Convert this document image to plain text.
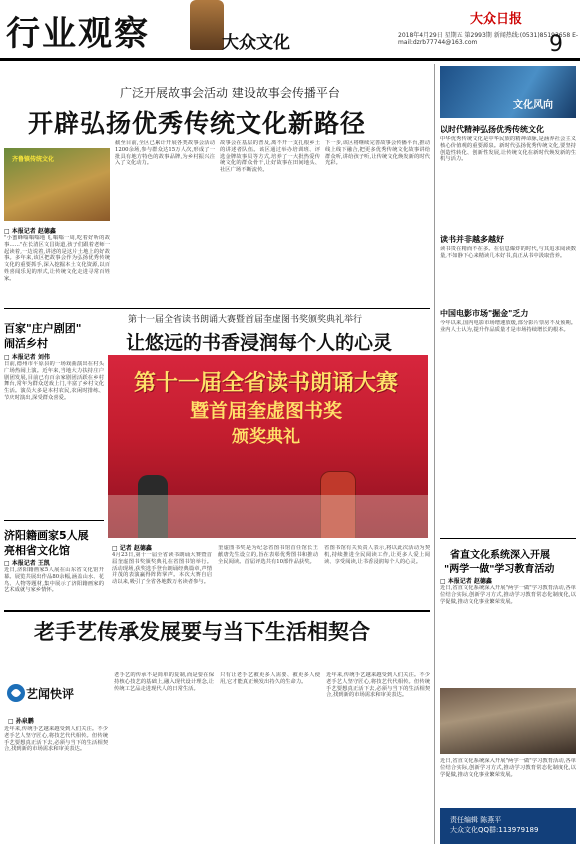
行业观察	大众文化
大众日报
2018年4月29日 星期五 第2993期 新闻热线:(0531)85193658 E-mail:dzrb77744@163.com	9
广泛开展故事会活动 建设故事会传播平台
开辟弘扬优秀传统文化新路径
齐鲁镇传统文化
□ 本报记者 赵德鑫
"小蜜蜂嗡嗡嗡地飞,嗡嗡一周,吃着好听的故事……"在长清区文昌街道,孩子们跟着老师一起读着,一边说着,讲述的是这片土地上的好故事。多年来,该区把故事会作为弘扬优秀传统文化的重要抓手,深入挖掘本土文化资源,以百姓喜闻乐见的形式,让传统文化走进寻常百姓家。
截至目前,全区已累计开展各类故事会活动1200余场,参与群众达15万人次,形成了一批具有地方特色的故事品牌,为乡村振兴注入了文化动力。
故事会在基层的普及,离不开一支扎根乡土的讲述者队伍。该区通过举办培训班、评选金牌故事员等方式,培养了一大批热爱传统文化的群众骨干,让好故事在田间地头、社区广场不断流传。
下一步,该区将继续完善故事会传播平台,推动线上线下融合,把更多优秀传统文化故事讲给群众听,讲给孩子听,让传统文化焕发新的时代光彩。
百家"庄户剧团"
闹活乡村
□ 本报记者 刘伟
日前,德州市平原县的一场戏曲演出在村头广场热闹上演。近年来,当地大力扶持庄户剧团发展,目前已有百余家剧团活跃在乡村舞台,常年为群众送戏上门,丰富了乡村文化生活。演员大多是本村农民,农闲时排练、节庆时演出,深受群众喜爱。
济阳籍画家5人展
亮相省文化馆
□ 本报记者 王凯
近日,济阳籍画家5人展在山东省文化馆开幕。展览共展出作品80余幅,涵盖山水、花鸟、人物等题材,集中展示了济阳籍画家的艺术成就与家乡情怀。
第十一届全省读书朗诵大赛暨首届奎虚图书奖颁奖典礼举行
让悠远的书香浸润每个人的心灵
第十一届全省读书朗诵大赛
暨首届奎虚图书奖
颁奖典礼
□ 记者 赵德鑫
4月23日,第十一届全省读书朗诵大赛暨首届奎虚图书奖颁奖典礼在省图书馆举行。活动现场,获奖选手登台朗诵经典篇章,声情并茂的表演赢得阵阵掌声。本次大赛自启动以来,吸引了全省各地数万名读者参与。
奎虚图书奖是为纪念省图书馆首任馆长王献唐先生设立的,旨在表彰优秀图书和推动全民阅读。首届评选共有10部作品获奖。
省图书馆有关负责人表示,将以此次活动为契机,持续推进全民阅读工作,让更多人爱上阅读、享受阅读,让书香浸润每个人的心灵。
文化风向
以时代精神弘扬优秀传统文化
中华优秀传统文化是中华民族的精神命脉,是涵养社会主义核心价值观的重要源泉。新时代弘扬优秀传统文化,要坚持创造性转化、创新性发展,让传统文化在新时代焕发新的生机与活力。
读书并非越多越好
读书贵在精而不在多。在信息爆炸的时代,与其追求阅读数量,不如静下心来精读几本好书,真正从书中汲取营养。
中国电影市场"掘金"乏力
今年以来,国内电影市场增速放缓,部分影片票房不及预期。业内人士认为,提升作品质量才是市场持续增长的根本。
省直文化系统深入开展
"两学一做"学习教育活动
□ 本报记者 赵德鑫
近日,省直文化系统深入开展"两学一做"学习教育活动,各单位结合实际,创新学习方式,推动学习教育常态化制度化,以学促做,推动文化事业繁荣发展。
近日,省直文化系统深入开展"两学一做"学习教育活动,各单位结合实际,创新学习方式,推动学习教育常态化制度化,以学促做,推动文化事业繁荣发展。
责任编辑 陈燕平
大众文化QQ群:113979189
老手艺传承发展要与当下生活相契合
艺闻快评
□ 孙泉鹏
近年来,传统手艺越来越受到人们关注。不少老手艺人坚守匠心,将技艺代代相传。但传统手艺要想真正活下去,必须与当下的生活相契合,找到新的市场需求和审美表达。
老手艺的传承不是简单的复制,而是要在保持核心技艺的基础上,融入现代设计理念,让传统工艺品走进现代人的日常生活。
只有让老手艺被更多人需要、被更多人使用,它才能真正焕发出持久的生命力。
近年来,传统手艺越来越受到人们关注。不少老手艺人坚守匠心,将技艺代代相传。但传统手艺要想真正活下去,必须与当下的生活相契合,找到新的市场需求和审美表达。
